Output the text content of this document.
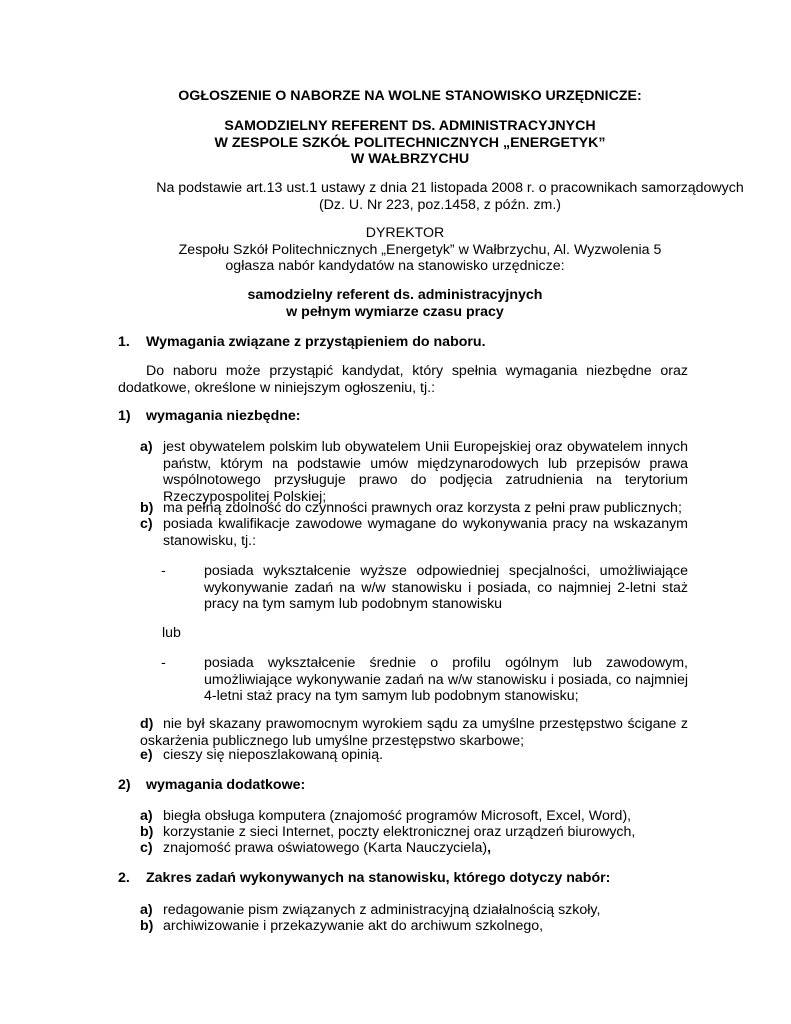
OGŁOSZENIE O NABORZE NA WOLNE STANOWISKO URZĘDNICZE:
SAMODZIELNY REFERENT DS. ADMINISTRACYJNYCH
W ZESPOLE SZKÓŁ POLITECHNICZNYCH „ENERGETYK”
W WAŁBRZYCHU
Na podstawie art.13 ust.1 ustawy z dnia 21 listopada 2008 r. o pracownikach samorządowych
(Dz. U. Nr 223, poz.1458, z późn. zm.)
DYREKTOR
Zespołu Szkół Politechnicznych „Energetyk” w Wałbrzychu, Al. Wyzwolenia 5
ogłasza nabór kandydatów na stanowisko urzędnicze:
samodzielny referent ds. administracyjnych
w pełnym wymiarze czasu pracy
1. Wymagania związane z przystąpieniem do naboru.
Do naboru może przystąpić kandydat, który spełnia wymagania niezbędne oraz dodatkowe, określone w niniejszym ogłoszeniu, tj.:
1) wymagania niezbędne:
a) jest obywatelem polskim lub obywatelem Unii Europejskiej oraz obywatelem innych państw, którym na podstawie umów międzynarodowych lub przepisów prawa wspólnotowego przysługuje prawo do podjęcia zatrudnienia na terytorium Rzeczypospolitej Polskiej;
b) ma pełną zdolność do czynności prawnych oraz korzysta z pełni praw publicznych;
c) posiada kwalifikacje zawodowe wymagane do wykonywania pracy na wskazanym stanowisku, tj.:
-	posiada wykształcenie wyższe odpowiedniej specjalności, umożliwiające wykonywanie zadań na w/w stanowisku i posiada, co najmniej 2-letni staż pracy na tym samym lub podobnym stanowisku
lub
-	posiada wykształcenie średnie o profilu ogólnym lub zawodowym, umożliwiające wykonywanie zadań na w/w stanowisku i posiada, co najmniej 4-letni staż pracy na tym samym lub podobnym stanowisku;
d) nie był skazany prawomocnym wyrokiem sądu za umyślne przestępstwo ścigane z oskarżenia publicznego lub umyślne przestępstwo skarbowe;
e) cieszy się nieposzlakowaną opinią.
2) wymagania dodatkowe:
a) biegła obsługa komputera (znajomość programów Microsoft, Excel, Word),
b) korzystanie z sieci Internet, poczty elektronicznej oraz urządzeń biurowych,
c) znajomość prawa oświatowego (Karta Nauczyciela),
2. Zakres zadań wykonywanych na stanowisku, którego dotyczy nabór:
a) redagowanie pism związanych z administracyjną działalnością szkoły,
b) archiwizowanie i przekazywanie akt do archiwum szkolnego,
